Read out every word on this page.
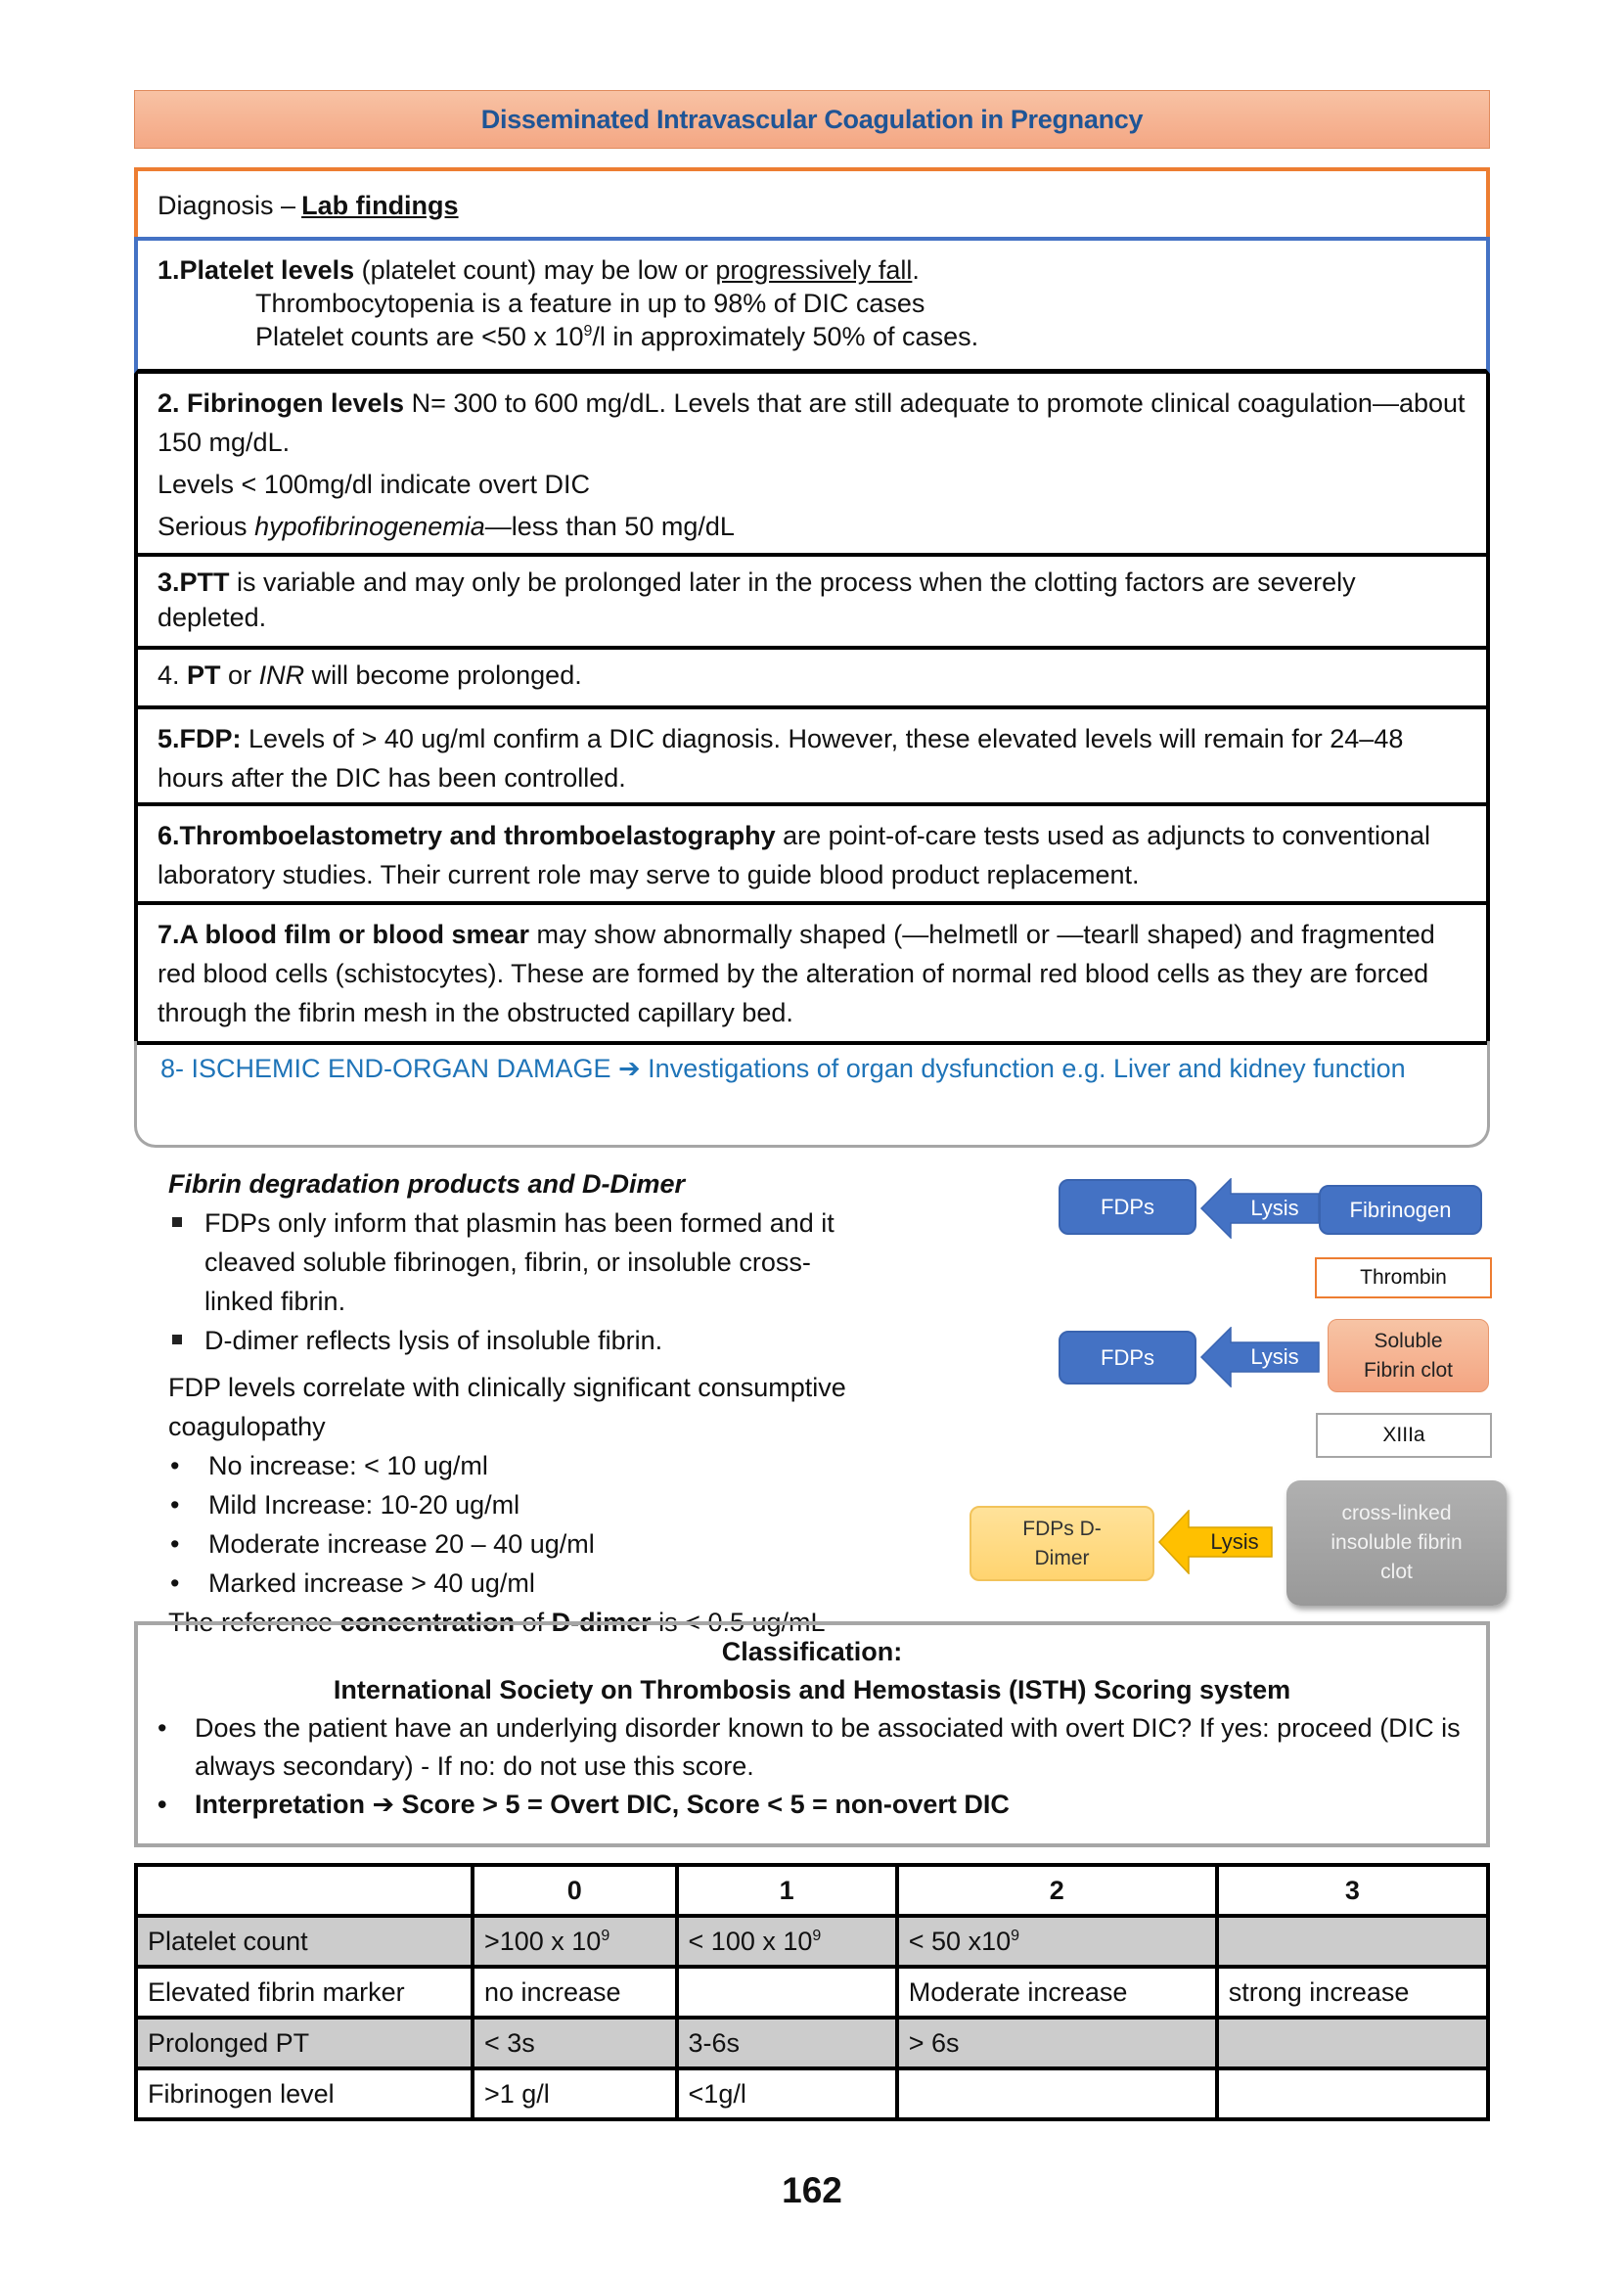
Disseminated Intravascular Coagulation in Pregnancy
Diagnosis – Lab findings
1.Platelet levels (platelet count) may be low or progressively fall.
Thrombocytopenia is a feature in up to 98% of DIC cases
Platelet counts are <50 x $10^9/l$ in approximately 50% of cases.
2. Fibrinogen levels N= 300 to 600 mg/dL. Levels that are still adequate to promote clinical coagulation—about 150 mg/dL.
Levels < 100mg/dl indicate overt DIC
Serious hypofibrinogenemia—less than 50 mg/dL
3.PTT is variable and may only be prolonged later in the process when the clotting factors are severely depleted.
4. PT or INR will become prolonged.
5.FDP: Levels of > 40 ug/ml confirm a DIC diagnosis. However, these elevated levels will remain for 24–48 hours after the DIC has been controlled.
6.Thromboelastometry and thromboelastography are point-of-care tests used as adjuncts to conventional laboratory studies. Their current role may serve to guide blood product replacement.
7.A blood film or blood smear may show abnormally shaped (—helmet‖ or —tear‖ shaped) and fragmented red blood cells (schistocytes). These are formed by the alteration of normal red blood cells as they are forced through the fibrin mesh in the obstructed capillary bed.
8- ISCHEMIC END-ORGAN DAMAGE ➔ Investigations of organ dysfunction e.g. Liver and kidney function
Fibrin degradation products and D-Dimer
FDPs only inform that plasmin has been formed and it cleaved soluble fibrinogen, fibrin, or insoluble cross-linked fibrin.
D-dimer reflects lysis of insoluble fibrin.
FDP levels correlate with clinically significant consumptive coagulopathy
• No increase: < 10 ug/ml
• Mild Increase: 10-20 ug/ml
• Moderate increase 20 – 40 ug/ml
• Marked increase > 40 ug/ml
The reference concentration of D-dimer is < 0.5 ug/mL
FDPs	Lysis	Fibrinogen
Thrombin
FDPs	Lysis
Soluble Fibrin clot
XIIIa
FDPs D-Dimer
Lysis
cross-linked insoluble fibrin clot
Classification:
International Society on Thrombosis and Hemostasis (ISTH) Scoring system
• Does the patient have an underlying disorder known to be associated with overt DIC? If yes: proceed (DIC is always secondary) - If no: do not use this score.
• Interpretation ➔ Score > 5 = Overt DIC, Score < 5 = non-overt DIC
	0	1	2	3
Platelet count	>100 x $10^9$	< 100 x $10^9$	< 50 $x10^9$	
Elevated fibrin marker	no increase		Moderate increase	strong increase
Prolonged PT	< 3s	3-6s	> 6s	
Fibrinogen level	>1 g/l	<1g/l		
162
